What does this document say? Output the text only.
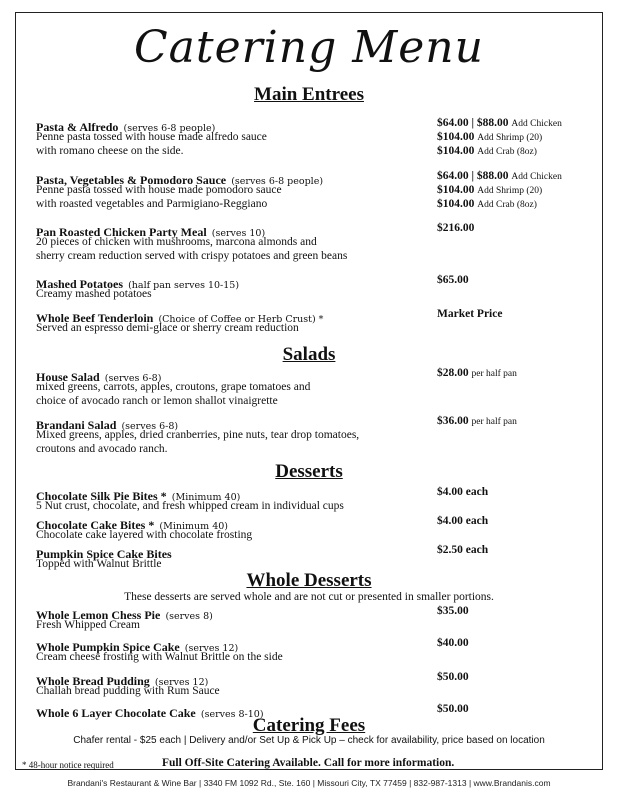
Catering Menu
Main Entrees
Pasta & Alfredo (serves 6-8 people)
Penne pasta tossed with house made alfredo sauce
with romano cheese on the side.
$64.00 | $88.00 Add Chicken
$104.00 Add Shrimp (20)
$104.00 Add Crab (8oz)
Pasta, Vegetables & Pomodoro Sauce (serves 6-8 people)
Penne pasta tossed with house made pomodoro sauce
with roasted vegetables and Parmigiano-Reggiano
$64.00 | $88.00 Add Chicken
$104.00 Add Shrimp (20)
$104.00 Add Crab (8oz)
Pan Roasted Chicken Party Meal (serves 10)
20 pieces of chicken with mushrooms, marcona almonds and
sherry cream reduction served with crispy potatoes and green beans
$216.00
Mashed Potatoes (half pan serves 10-15)
Creamy mashed potatoes
$65.00
Whole Beef Tenderloin (Choice of Coffee or Herb Crust) *
Served an espresso demi-glace or sherry cream reduction
Market Price
Salads
House Salad (serves 6-8)
mixed greens, carrots, apples, croutons, grape tomatoes and
choice of avocado ranch or lemon shallot vinaigrette
$28.00 per half pan
Brandani Salad (serves 6-8)
Mixed greens, apples, dried cranberries, pine nuts, tear drop tomatoes,
croutons and avocado ranch.
$36.00 per half pan
Desserts
Chocolate Silk Pie Bites * (Minimum 40)
5 Nut crust, chocolate, and fresh whipped cream in individual cups
$4.00 each
Chocolate Cake Bites * (Minimum 40)
Chocolate cake layered with chocolate frosting
$4.00 each
Pumpkin Spice Cake Bites
Topped with Walnut Brittle
$2.50 each
Whole Desserts
These desserts are served whole and are not cut or presented in smaller portions.
Whole Lemon Chess Pie (serves 8)
Fresh Whipped Cream
$35.00
Whole Pumpkin Spice Cake (serves 12)
Cream cheese frosting with Walnut Brittle on the side
$40.00
Whole Bread Pudding (serves 12)
Challah bread pudding with Rum Sauce
$50.00
Whole 6 Layer Chocolate Cake (serves 8-10)	$50.00
Catering Fees
Chafer rental - $25 each | Delivery and/or Set Up & Pick Up – check for availability, price based on location
* 48-hour notice required	Full Off-Site Catering Available. Call for more information.
Brandani's Restaurant & Wine Bar | 3340 FM 1092 Rd., Ste. 160 | Missouri City, TX 77459 | 832-987-1313 | www.Brandanis.com
